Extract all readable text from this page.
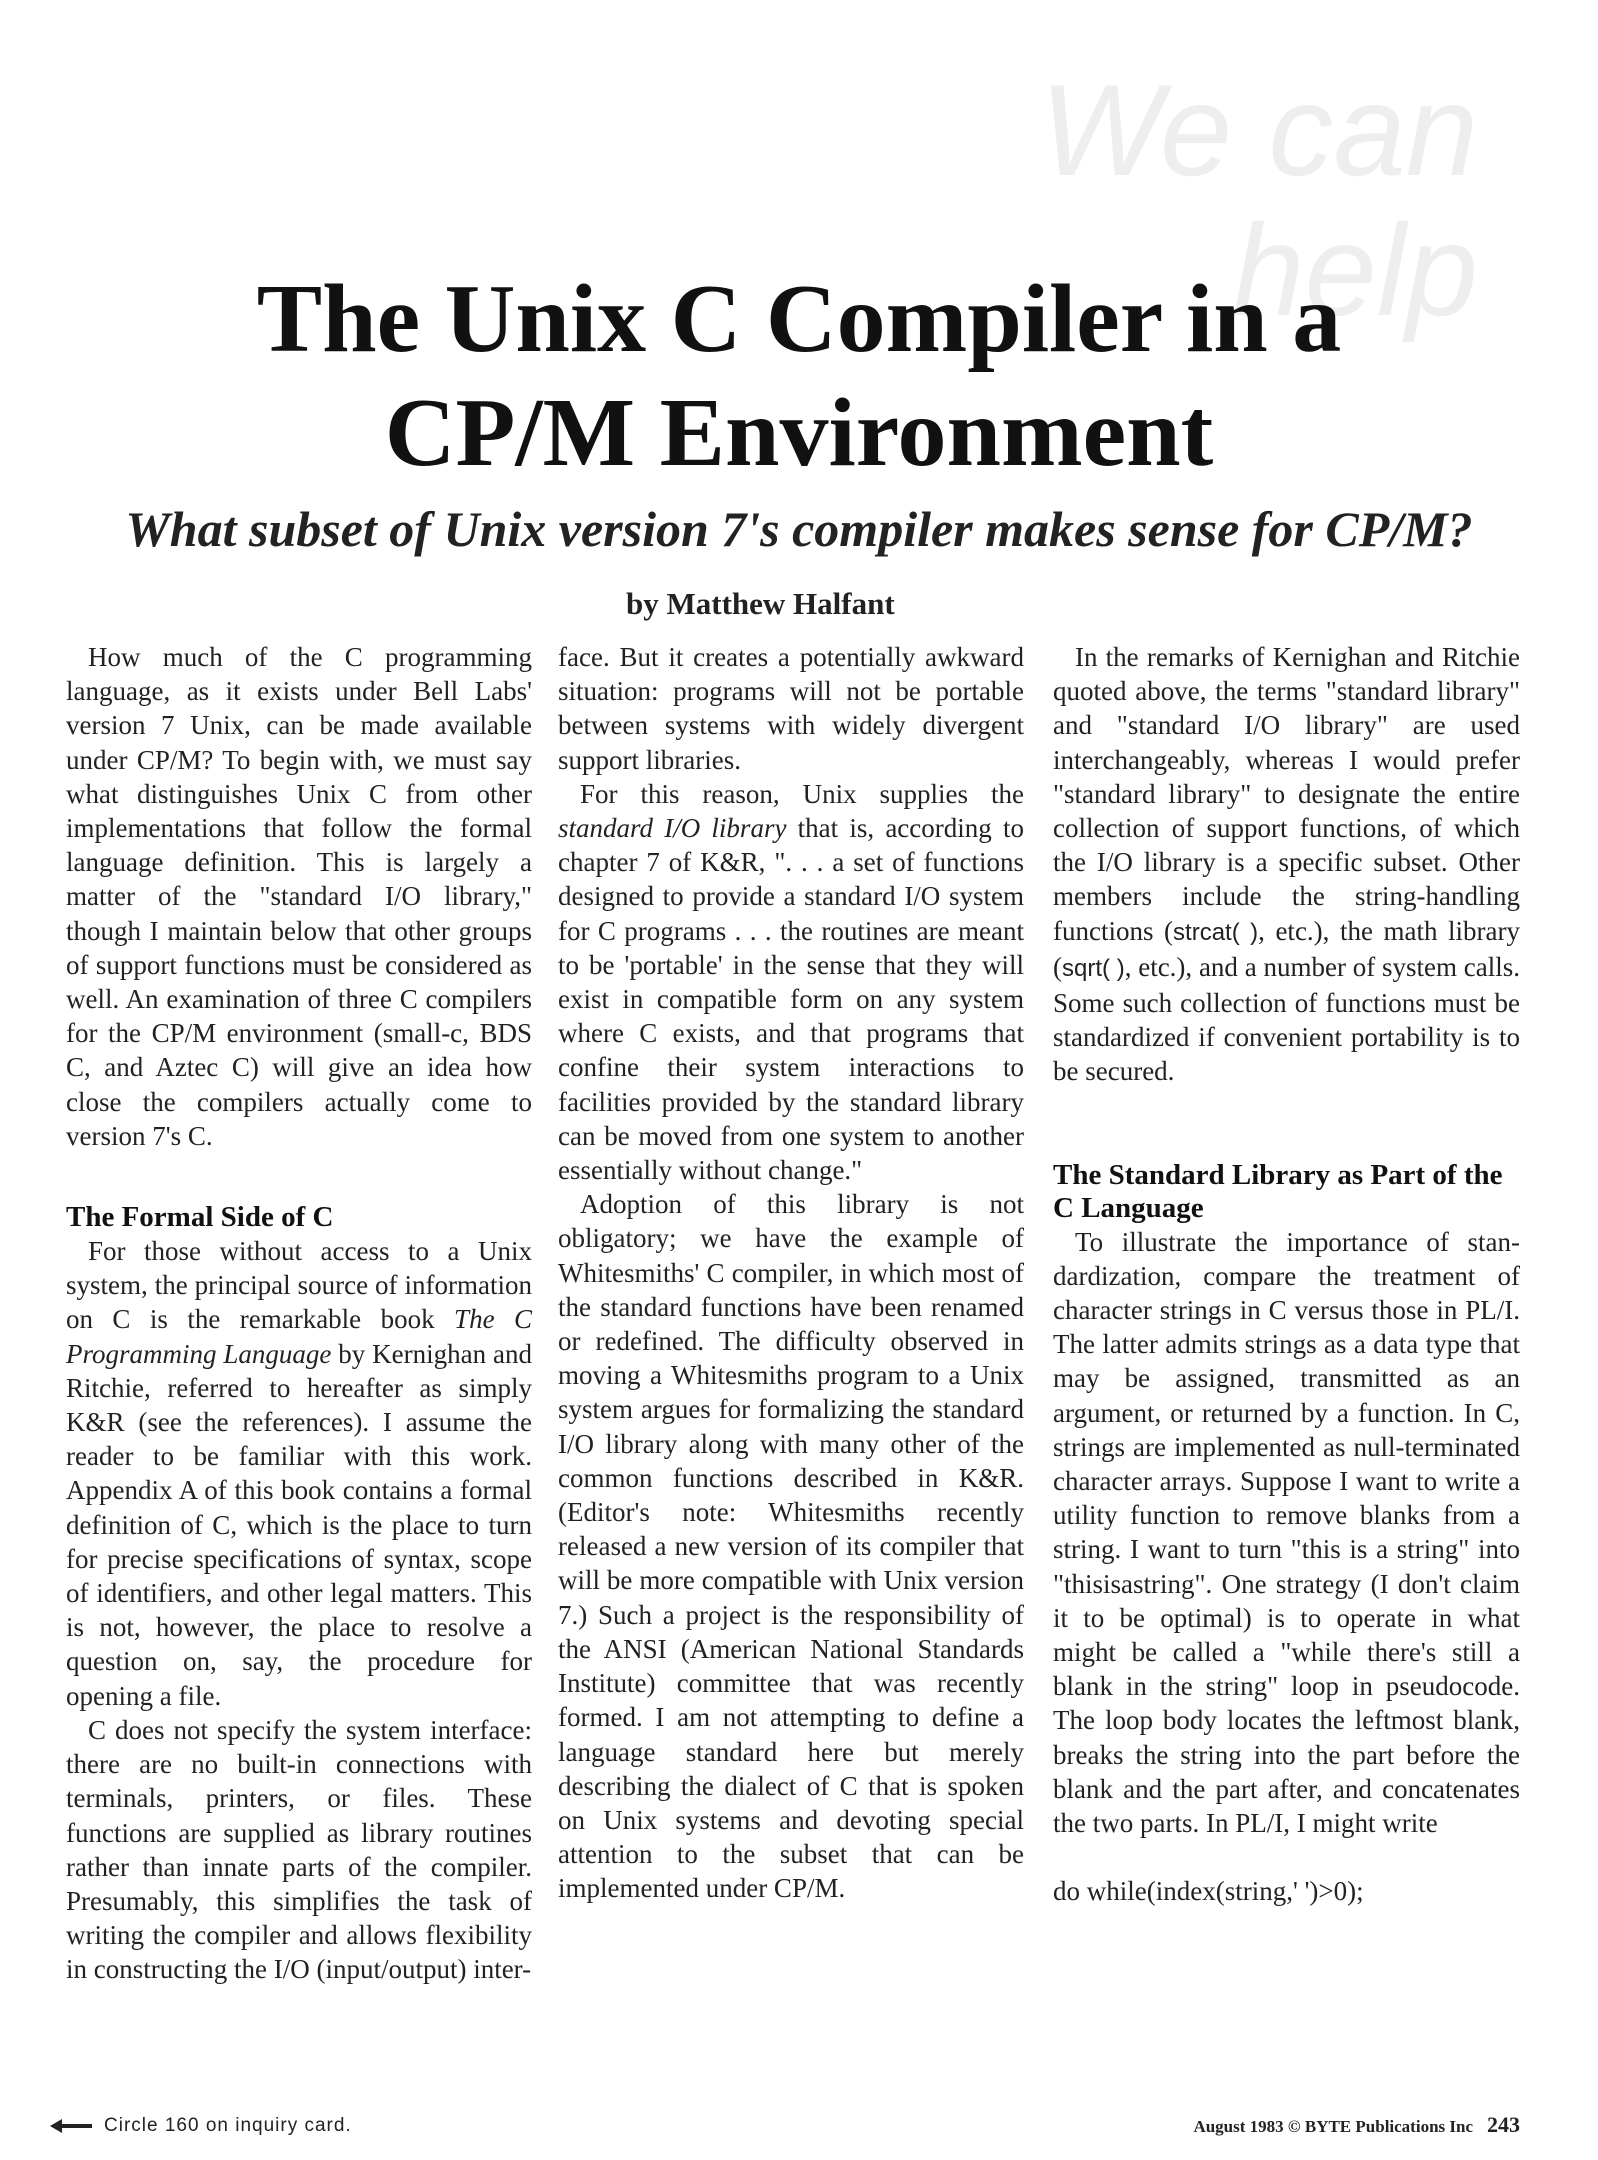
We can
help

The Unix C Compiler in a
CP/M Environment
What subset of Unix version 7's compiler makes sense for CP/M?
by Matthew Halfant

How much of the C programming language, as it exists under Bell Labs' version 7 Unix, can be made available under CP/M? To begin with, we must say what distinguishes Unix C from other implementations that follow the formal language definition. This is largely a matter of the "standard I/O library," though I maintain below that other groups of support functions must be considered as well. An examination of three C compilers for the CP/M environment (small-c, BDS C, and Aztec C) will give an idea how close the compilers actually come to version 7's C.

The Formal Side of C

For those without access to a Unix system, the principal source of information on C is the remarkable book The C Programming Language by Kernighan and Ritchie, referred to hereafter as simply K&R (see the references). I assume the reader to be familiar with this work. Appendix A of this book contains a formal definition of C, which is the place to turn for precise specifications of syntax, scope of identifiers, and other legal matters. This is not, however, the place to resolve a question on, say, the procedure for opening a file.

C does not specify the system interface: there are no built-in connections with terminals, printers, or files. These functions are supplied as library routines rather than innate parts of the compiler. Presumably, this simplifies the task of writing the compiler and allows flexibility in constructing the I/O (input/output) inter-

face. But it creates a potentially awkward situation: programs will not be portable between systems with widely divergent support libraries.

For this reason, Unix supplies the standard I/O library that is, according to chapter 7 of K&R, ". . . a set of functions designed to provide a standard I/O system for C programs . . . the routines are meant to be 'portable' in the sense that they will exist in compatible form on any system where C exists, and that programs that confine their system interactions to facilities provided by the standard library can be moved from one system to another essentially without change."

Adoption of this library is not obligatory; we have the example of Whitesmiths' C compiler, in which most of the standard functions have been renamed or redefined. The difficulty observed in moving a Whitesmiths program to a Unix system argues for formalizing the standard I/O library along with many other of the common functions described in K&R. (Editor's note: Whitesmiths recently released a new version of its compiler that will be more compatible with Unix version 7.) Such a project is the responsibility of the ANSI (American National Standards Institute) committee that was recently formed. I am not attempting to define a language standard here but merely describing the dialect of C that is spoken on Unix systems and devoting special attention to the subset that can be implemented under CP/M.

In the remarks of Kernighan and Ritchie quoted above, the terms "standard library" and "standard I/O library" are used interchangeably, whereas I would prefer "standard library" to designate the entire collection of support functions, of which the I/O library is a specific subset. Other members include the string-handling functions (strcat( ), etc.), the math library (sqrt( ), etc.), and a number of system calls. Some such collection of functions must be standardized if convenient portability is to be secured.

The Standard Library as Part of the C Language

To illustrate the importance of standardization, compare the treatment of character strings in C versus those in PL/I. The latter admits strings as a data type that may be assigned, transmitted as an argument, or returned by a function. In C, strings are implemented as null-terminated character arrays. Suppose I want to write a utility function to remove blanks from a string. I want to turn "this is a string" into "thisisastring". One strategy (I don't claim it to be optimal) is to operate in what might be called a "while there's still a blank in the string" loop in pseudocode. The loop body locates the leftmost blank, breaks the string into the part before the blank and the part after, and concatenates the two parts. In PL/I, I might write

do while(index(string,' ')>0);

Circle 160 on inquiry card.	August 1983 © BYTE Publications Inc 243
